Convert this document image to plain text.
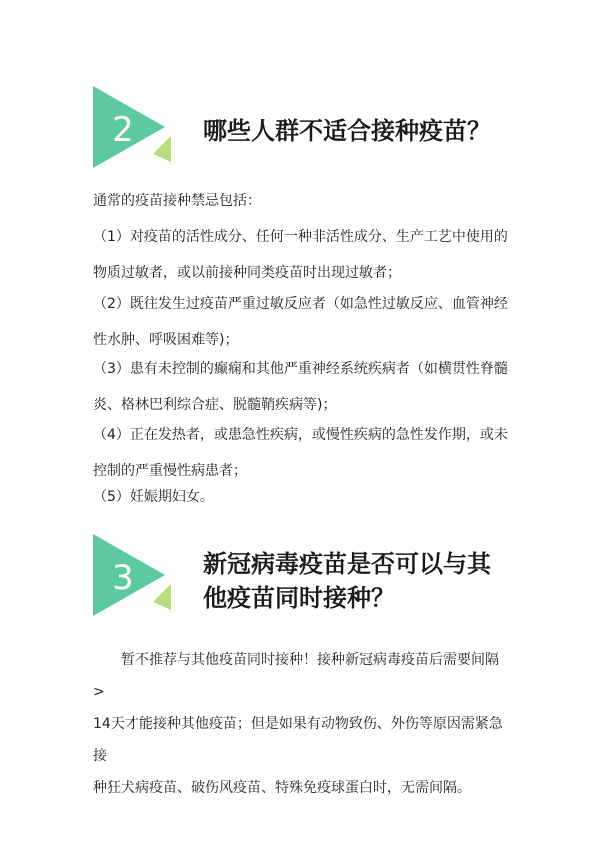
2	哪些人群不适合接种疫苗？
通常的疫苗接种禁忌包括：
（1）对疫苗的活性成分、任何一种非活性成分、生产工艺中使用的
物质过敏者，或以前接种同类疫苗时出现过敏者；
（2）既往发生过疫苗严重过敏反应者（如急性过敏反应、血管神经
性水肿、呼吸困难等)；
（3）患有未控制的癫痫和其他严重神经系统疾病者（如横贯性脊髓
炎、格林巴利综合症、脱髓鞘疾病等)；
（4）正在发热者，或患急性疾病，或慢性疾病的急性发作期，或未
控制的严重慢性病患者；
（5）妊娠期妇女。
3	新冠病毒疫苗是否可以与其
他疫苗同时接种？
　　暂不推荐与其他疫苗同时接种！接种新冠病毒疫苗后需要间隔 >
14天才能接种其他疫苗；但是如果有动物致伤、外伤等原因需紧急接
种狂犬病疫苗、破伤风疫苗、特殊免疫球蛋白时，无需间隔。
